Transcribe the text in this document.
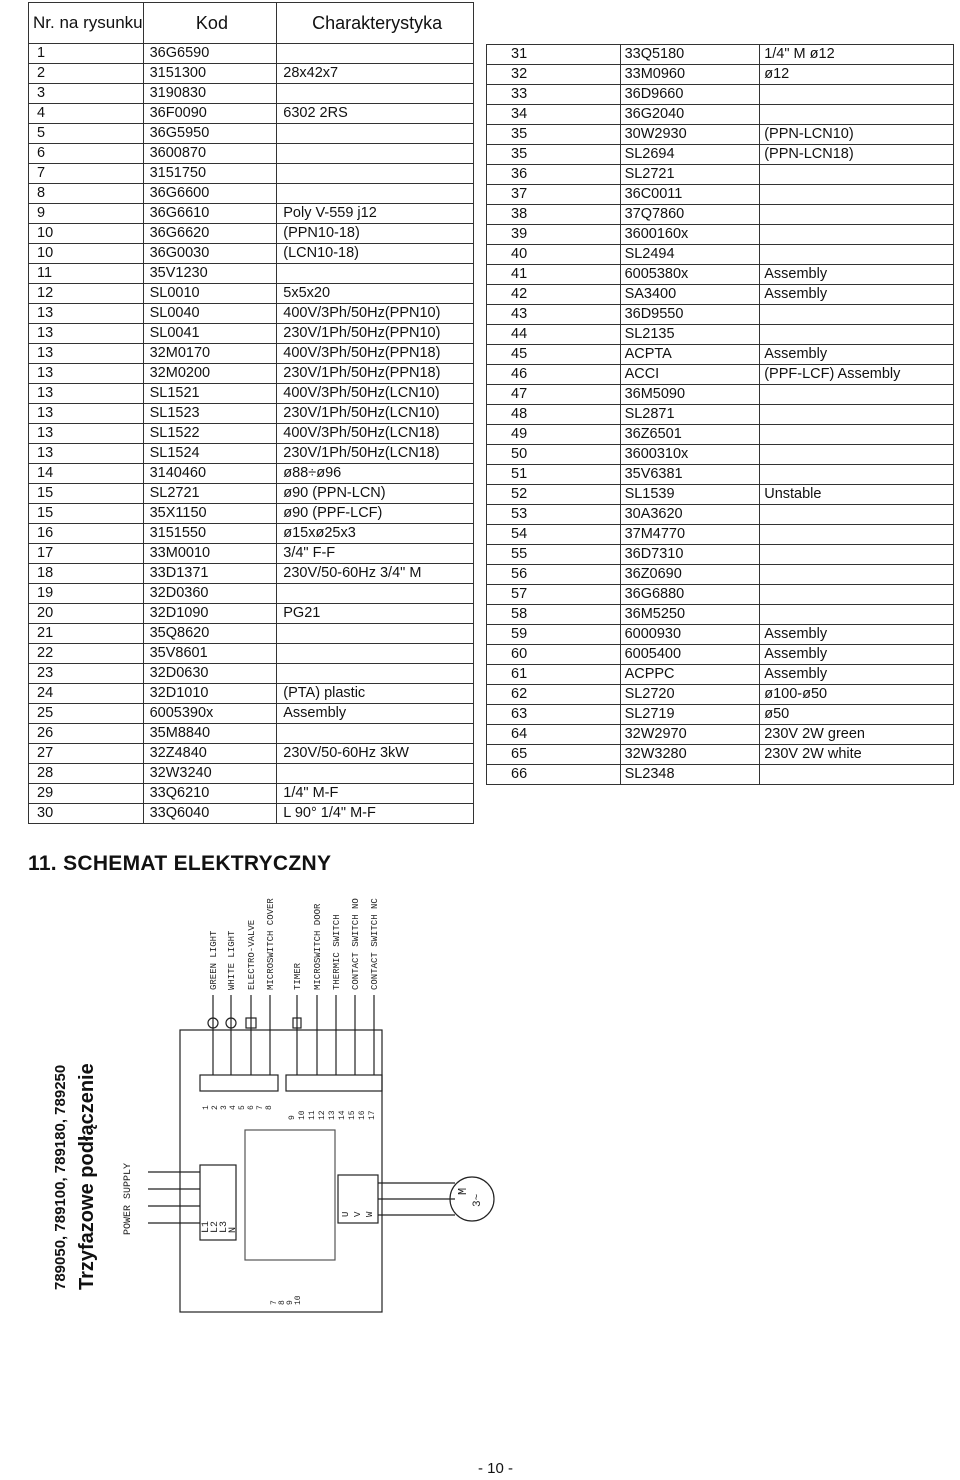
Nr. na rysunku	Kod	Charakterystyka
1	36G6590	
2	3151300	28x42x7
3	3190830	
4	36F0090	6302 2RS
5	36G5950	
6	3600870	
7	3151750	
8	36G6600	
9	36G6610	Poly V-559 j12
10	36G6620	(PPN10-18)
10	36G0030	(LCN10-18)
11	35V1230	
12	SL0010	5x5x20
13	SL0040	400V/3Ph/50Hz(PPN10)
13	SL0041	230V/1Ph/50Hz(PPN10)
13	32M0170	400V/3Ph/50Hz(PPN18)
13	32M0200	230V/1Ph/50Hz(PPN18)
13	SL1521	400V/3Ph/50Hz(LCN10)
13	SL1523	230V/1Ph/50Hz(LCN10)
13	SL1522	400V/3Ph/50Hz(LCN18)
13	SL1524	230V/1Ph/50Hz(LCN18)
14	3140460	ø88÷ø96
15	SL2721	ø90 (PPN-LCN)
15	35X1150	ø90 (PPF-LCF)
16	3151550	ø15xø25x3
17	33M0010	3/4" F-F
18	33D1371	230V/50-60Hz 3/4" M
19	32D0360	
20	32D1090	PG21
21	35Q8620	
22	35V8601	
23	32D0630	
24	32D1010	(PTA) plastic
25	6005390x	Assembly
26	35M8840	
27	32Z4840	230V/50-60Hz 3kW
28	32W3240	
29	33Q6210	1/4" M-F
30	33Q6040	L 90° 1/4" M-F
31	33Q5180	1/4" M ø12
32	33M0960	ø12
33	36D9660	
34	36G2040	
35	30W2930	(PPN-LCN10)
35	SL2694	(PPN-LCN18)
36	SL2721	
37	36C0011	
38	37Q7860	
39	3600160x	
40	SL2494	
41	6005380x	Assembly
42	SA3400	Assembly
43	36D9550	
44	SL2135	
45	ACPTA	Assembly
46	ACCI	(PPF-LCF) Assembly
47	36M5090	
48	SL2871	
49	36Z6501	
50	3600310x	
51	35V6381	
52	SL1539	Unstable
53	30A3620	
54	37M4770	
55	36D7310	
56	36Z0690	
57	36G6880	
58	36M5250	
59	6000930	Assembly
60	6005400	Assembly
61	ACPPC	Assembly
62	SL2720	ø100-ø50
63	SL2719	ø50
64	32W2970	230V 2W green
65	32W3280	230V 2W white
66	SL2348	
11. SCHEMAT ELEKTRYCZNY
789050, 789100, 789180, 789250 Trzyfazowe podłączenie
GREEN LIGHT WHITE LIGHT ELECTRO-VALVE MICROSWITCH COVER TIMER MICROSWITCH DOOR THERMIC SWITCH CONTACT SWITCH NO CONTACT SWITCH NC
1 2 3 4 5 6 7 8
9 10 11 12 13 14 15 16 17
POWER SUPPLY	L1
L2
L3
N
U V W
M
3~
7 8 9 10
- 10 -
